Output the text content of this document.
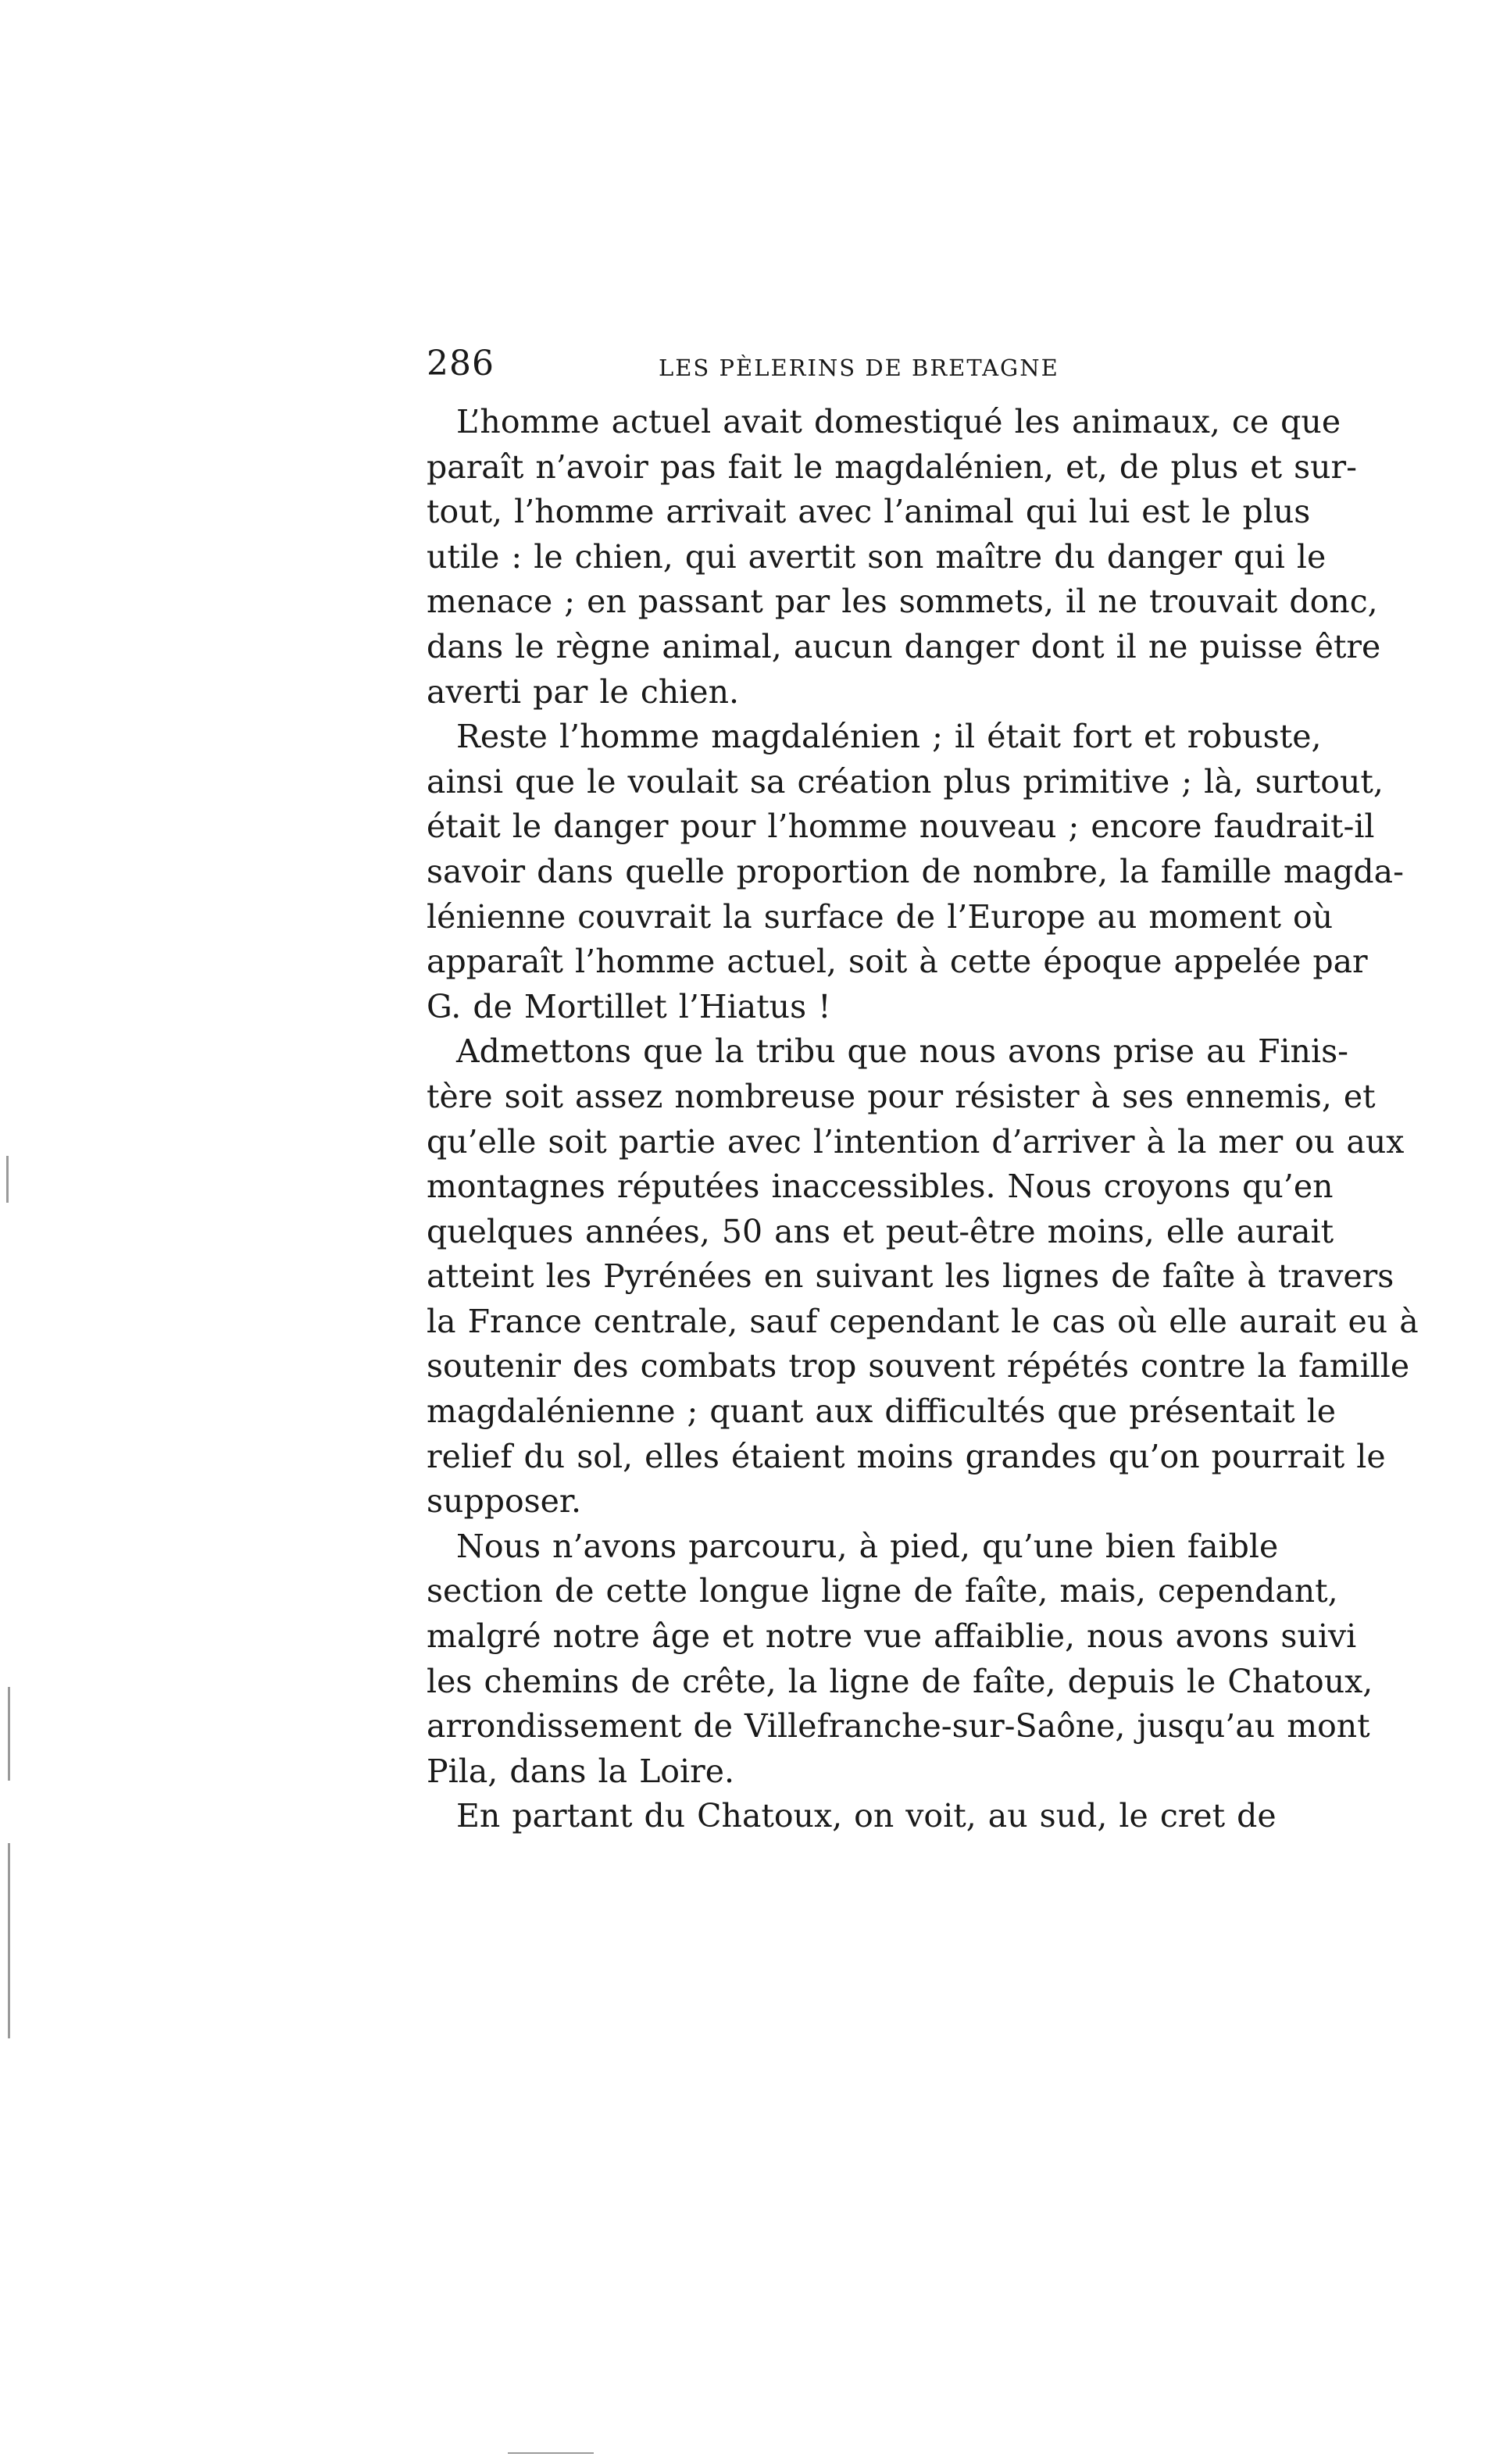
286	LES PÈLERINS DE BRETAGNE
L’homme actuel avait domestiqué les animaux, ce que
paraît n’avoir pas fait le magdalénien, et, de plus et sur-
tout, l’homme arrivait avec l’animal qui lui est le plus
utile : le chien, qui avertit son maître du danger qui le
menace ; en passant par les sommets, il ne trouvait donc,
dans le règne animal, aucun danger dont il ne puisse être
averti par le chien.
Reste l’homme magdalénien ; il était fort et robuste,
ainsi que le voulait sa création plus primitive ; là, surtout,
était le danger pour l’homme nouveau ; encore faudrait-il
savoir dans quelle proportion de nombre, la famille magda-
lénienne couvrait la surface de l’Europe au moment où
apparaît l’homme actuel, soit à cette époque appelée par
G. de Mortillet l’Hiatus !
Admettons que la tribu que nous avons prise au Finis-
tère soit assez nombreuse pour résister à ses ennemis, et
qu’elle soit partie avec l’intention d’arriver à la mer ou aux
montagnes réputées inaccessibles. Nous croyons qu’en
quelques années, 50 ans et peut-être moins, elle aurait
atteint les Pyrénées en suivant les lignes de faîte à travers
la France centrale, sauf cependant le cas où elle aurait eu à
soutenir des combats trop souvent répétés contre la famille
magdalénienne ; quant aux difficultés que présentait le
relief du sol, elles étaient moins grandes qu’on pourrait le
supposer.
Nous n’avons parcouru, à pied, qu’une bien faible
section de cette longue ligne de faîte, mais, cependant,
malgré notre âge et notre vue affaiblie, nous avons suivi
les chemins de crête, la ligne de faîte, depuis le Chatoux,
arrondissement de Villefranche-sur-Saône, jusqu’au mont
Pila, dans la Loire.
En partant du Chatoux, on voit, au sud, le cret de
